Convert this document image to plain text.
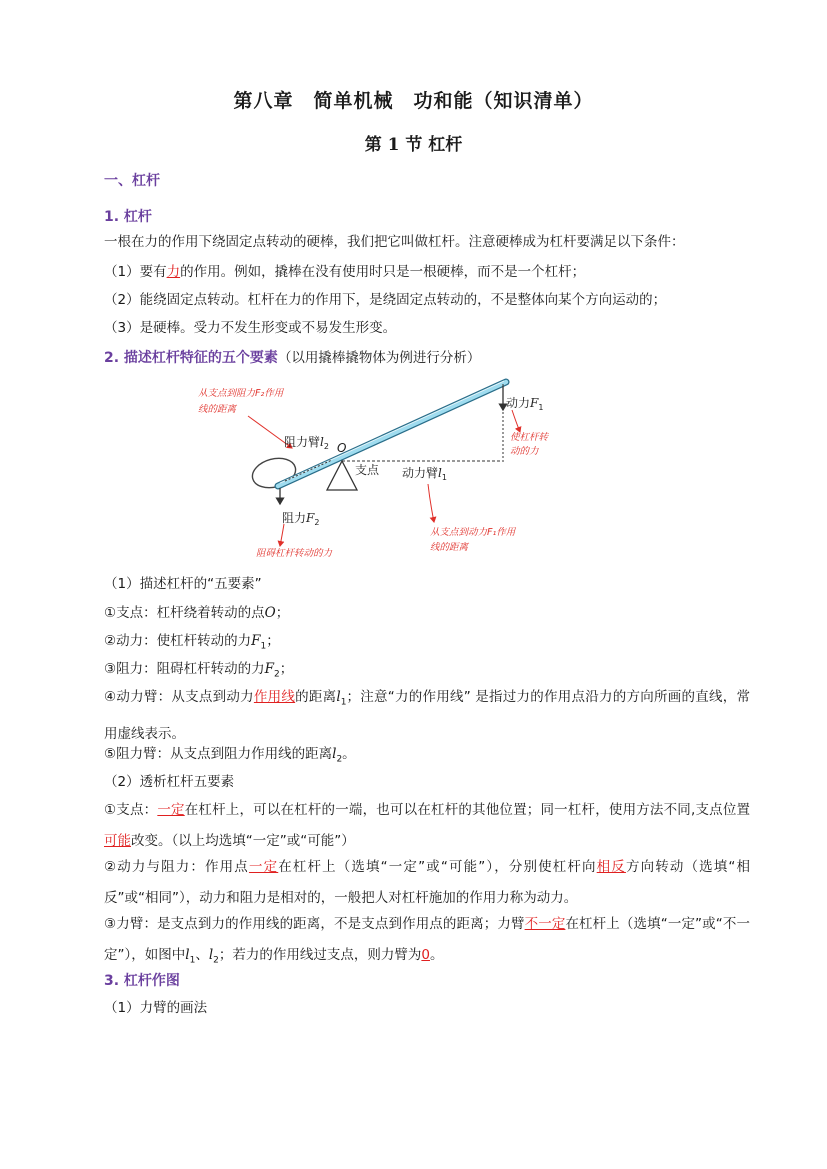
第八章　简单机械　功和能（知识清单）
第 1 节 杠杆
一、杠杆
1. 杠杆
一根在力的作用下绕固定点转动的硬棒，我们把它叫做杠杆。注意硬棒成为杠杆要满足以下条件：
（1）要有力的作用。例如，撬棒在没有使用时只是一根硬棒，而不是一个杠杆；
（2）能绕固定点转动。杠杆在力的作用下，是绕固定点转动的，不是整体向某个方向运动的；
（3）是硬棒。受力不发生形变或不易发生形变。
2. 描述杠杆特征的五个要素（以用撬棒撬物体为例进行分析）
从支点到阻力F₂作用
线的距离
使杠杆转
动的力
阻碍杠杆转动的力
从支点到动力F₁作用
线的距离
阻力臂$l_2$ O
支点 动力臂$l_1$
动力$F_1$
阻力$F_2$
（1）描述杠杆的“五要素”
①支点：杠杆绕着转动的点O；
②动力：使杠杆转动的力$F_1$；
③阻力：阻碍杠杆转动的力$F_2$；
④动力臂：从支点到动力作用线的距离$l_1$；注意“力的作用线” 是指过力的作用点沿力的方向所画的直线，常用虚线表示。
⑤阻力臂：从支点到阻力作用线的距离$l_2$。
（2）透析杠杆五要素
①支点：一定在杠杆上，可以在杠杆的一端，也可以在杠杆的其他位置；同一杠杆，使用方法不同,支点位置可能改变。（以上均选填“一定”或“可能”）
②动力与阻力：作用点一定在杠杆上（选填“一定”或“可能”），分别使杠杆向相反方向转动（选填“相反”或“相同”），动力和阻力是相对的，一般把人对杠杆施加的作用力称为动力。
③力臂：是支点到力的作用线的距离，不是支点到作用点的距离；力臂不一定在杠杆上（选填“一定”或“不一定”），如图中$l_1$、$l_2$；若力的作用线过支点，则力臂为0。
3. 杠杆作图
（1）力臂的画法
